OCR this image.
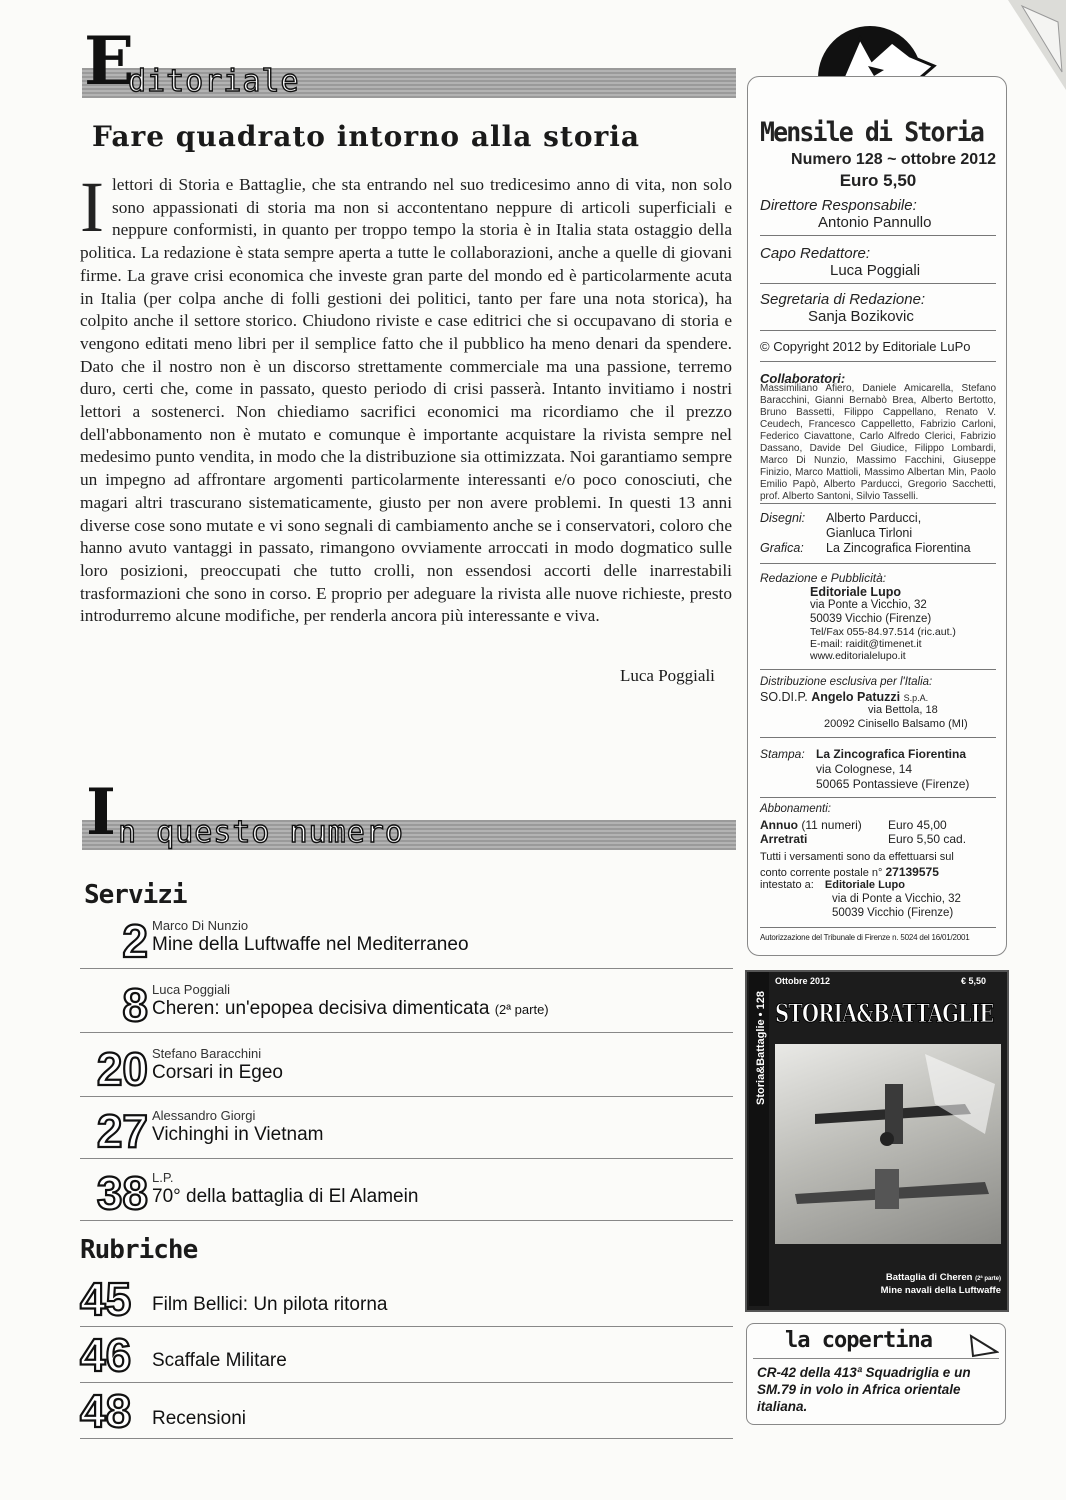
E
ditoriale
Fare quadrato intorno alla storia
Ilettori di Storia e Battaglie, che sta entrando nel suo tredicesimo anno di vita, non solo sono appassionati di storia ma non si accontentano neppure di articoli superficiali e neppure conformisti, in quanto per troppo tempo la storia è in Italia stata ostaggio della politica. La redazione è stata sempre aperta a tutte le collaborazioni, anche a quelle di giovani firme. La grave crisi economica che investe gran parte del mondo ed è particolarmente acuta in Italia (per colpa anche di folli gestioni dei politici, tanto per fare una nota storica), ha colpito anche il settore storico. Chiudono riviste e case editrici che si occupavano di storia e vengono editati meno libri per il semplice fatto che il pubblico ha meno denari da spendere. Dato che il nostro non è un discorso strettamente commerciale ma una passione, terremo duro, certi che, come in passato, questo periodo di crisi passerà. Intanto invitiamo i nostri lettori a sostenerci. Non chiediamo sacrifici economici ma ricordiamo che il prezzo dell'abbonamento non è mutato e comunque è importante acquistare la rivista sempre nel medesimo punto vendita, in modo che la distribuzione sia ottimizzata. Noi garantiamo sempre un impegno ad affrontare argomenti particolarmente interessanti e/o poco conosciuti, che magari altri trascurano sistematicamente, giusto per non avere problemi. In questi 13 anni diverse cose sono mutate e vi sono segnali di cambiamento anche se i conservatori, coloro che hanno avuto vantaggi in passato, rimangono ovviamente arroccati in modo dogmatico sulle loro posizioni, preoccupati che tutto crolli, non essendosi accorti delle inarrestabili trasformazioni che sono in corso. E proprio per adeguare la rivista alle nuove richieste, presto introdurremo alcune modifiche, per renderla ancora più interessante e viva.
Luca Poggiali
I n questo numero
Servizi
2 Marco Di Nunzio
Mine della Luftwaffe nel Mediterraneo
8 Luca Poggiali
Cheren: un'epopea decisiva dimenticata (2ª parte)
20 Stefano Baracchini
Corsari in Egeo
27 Alessandro Giorgi
Vichinghi in Vietnam
38 L.P.
70° della battaglia di El Alamein
Rubriche
45	Film Bellici: Un pilota ritorna
46	Scaffale Militare
48	Recensioni
Mensile di Storia
Numero 128 ~ ottobre 2012
Euro 5,50
Direttore Responsabile:
Antonio Pannullo
Capo Redattore:
Luca Poggiali
Segretaria di Redazione:
Sanja Bozikovic
© Copyright 2012 by Editoriale LuPo
Collaboratori:
Massimiliano Afiero, Daniele Amicarella, Stefano Baracchini, Gianni Bernabò Brea, Alberto Bertotto, Bruno Bassetti, Filippo Cappellano, Renato V. Ceudech, Francesco Cappelletto, Fabrizio Carloni, Federico Ciavattone, Carlo Alfredo Clerici, Fabrizio Dassano, Davide Del Giudice, Filippo Lombardi, Marco Di Nunzio, Massimo Facchini, Giuseppe Finizio, Marco Mattioli, Massimo Albertan Min, Paolo Emilio Papò, Alberto Parducci, Gregorio Sacchetti, prof. Alberto Santoni, Silvio Tasselli.
Disegni:	Alberto Parducci,
Gianluca Tirloni
Grafica:	La Zincografica Fiorentina
Redazione e Pubblicità:
Editoriale Lupo
via Ponte a Vicchio, 32
50039 Vicchio (Firenze)
Tel/Fax 055-84.97.514 (ric.aut.)
E-mail: raidit@timenet.it
www.editorialelupo.it
Distribuzione esclusiva per l'Italia:
SO.DI.P. Angelo Patuzzi S.p.A.
via Bettola, 18
20092 Cinisello Balsamo (MI)
Stampa: La Zincografica Fiorentina
via Colognese, 14
50065 Pontassieve (Firenze)
Abbonamenti:
Annuo (11 numeri)	Euro 45,00
Arretrati	Euro 5,50 cad.
Tutti i versamenti sono da effettuarsi sul
conto corrente postale n° 27139575
intestato a: Editoriale Lupo
via di Ponte a Vicchio, 32
50039 Vicchio (Firenze)
Autorizzazione del Tribunale di Firenze n. 5024 del 16/01/2001
Storia&Battaglie • 128
Ottobre 2012	€ 5,50
STORIA&BATTAGLIE
Battaglia di Cheren (2ª parte)
Mine navali della Luftwaffe
la copertina
CR-42 della 413ª Squadriglia e un SM.79 in volo in Africa orientale italiana.
